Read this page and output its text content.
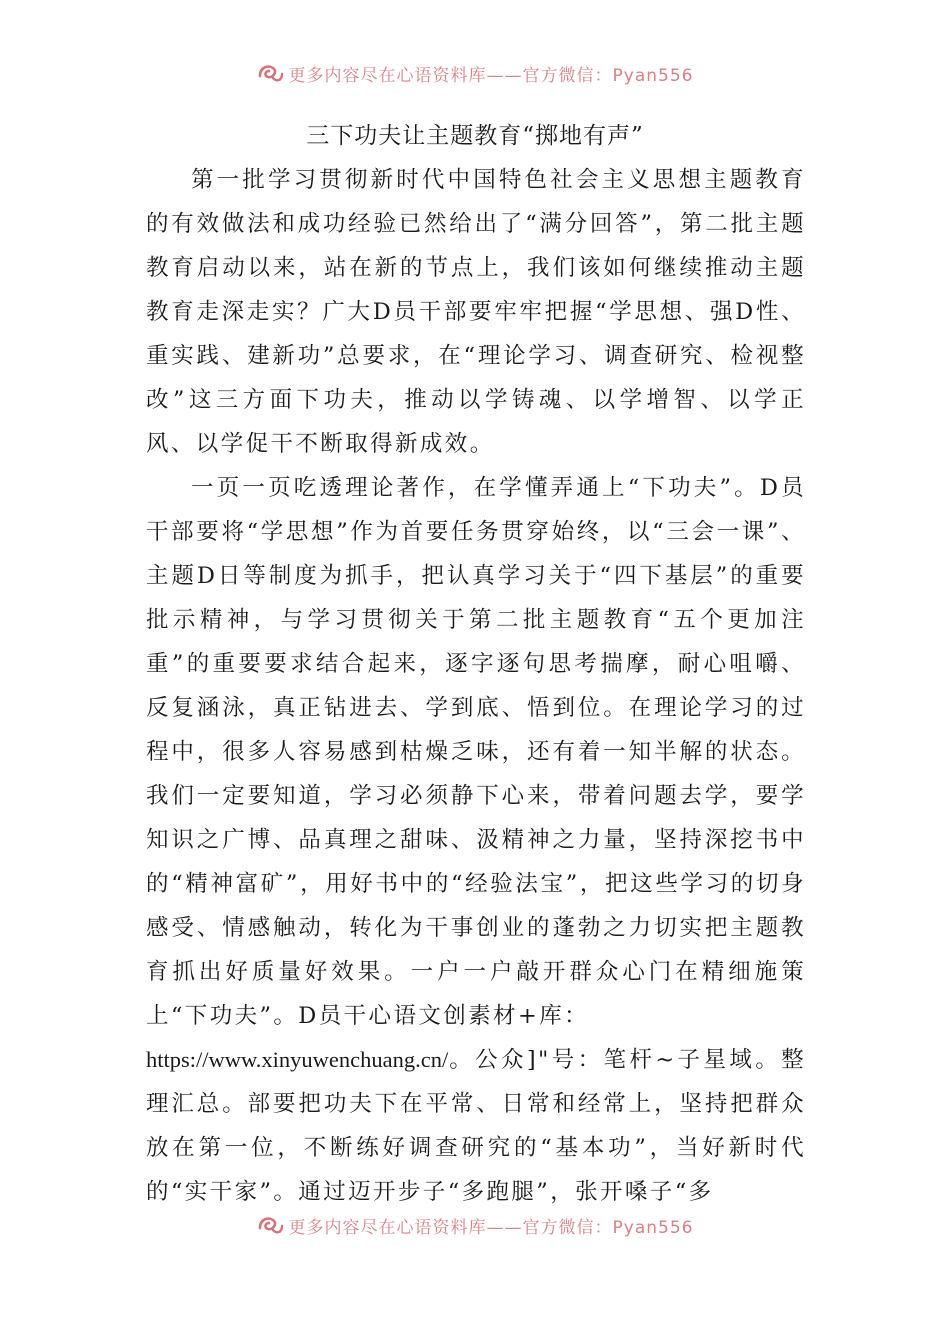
更多内容尽在心语资料库——官方微信：Pyan556
三下功夫让主题教育“掷地有声”

第一批学习贯彻新时代中国特色社会主义思想主题教育的有效做法和成功经验已然给出了“满分回答”，第二批主题教育启动以来，站在新的节点上，我们该如何继续推动主题教育走深走实？广大D员干部要牢牢把握“学思想、强D性、重实践、建新功”总要求，在“理论学习、调查研究、检视整改”这三方面下功夫，推动以学铸魂、以学增智、以学正风、以学促干不断取得新成效。

一页一页吃透理论著作，在学懂弄通上“下功夫”。D员干部要将“学思想”作为首要任务贯穿始终，以“三会一课”、主题D日等制度为抓手，把认真学习关于“四下基层”的重要批示精神，与学习贯彻关于第二批主题教育“五个更加注重”的重要要求结合起来，逐字逐句思考揣摩，耐心咀嚼、反复涵泳，真正钻进去、学到底、悟到位。在理论学习的过程中，很多人容易感到枯燥乏味，还有着一知半解的状态。我们一定要知道，学习必须静下心来，带着问题去学，要学知识之广博、品真理之甜味、汲精神之力量，坚持深挖书中的“精神富矿”，用好书中的“经验法宝”，把这些学习的切身感受、情感触动，转化为干事创业的蓬勃之力切实把主题教育抓出好质量好效果。一户一户敲开群众心门在精细施策上“下功夫”。D员干心语文创素材+库：

https://www.xinyuwenchuang.cn/。公众]"号：笔杆~子星域。整理汇总。部要把功夫下在平常、日常和经常上，坚持把群众放在第一位，不断练好调查研究的“基本功”，当好新时代的“实干家”。通过迈开步子“多跑腿”，张开嗓子“多

更多内容尽在心语资料库——官方微信：Pyan556
